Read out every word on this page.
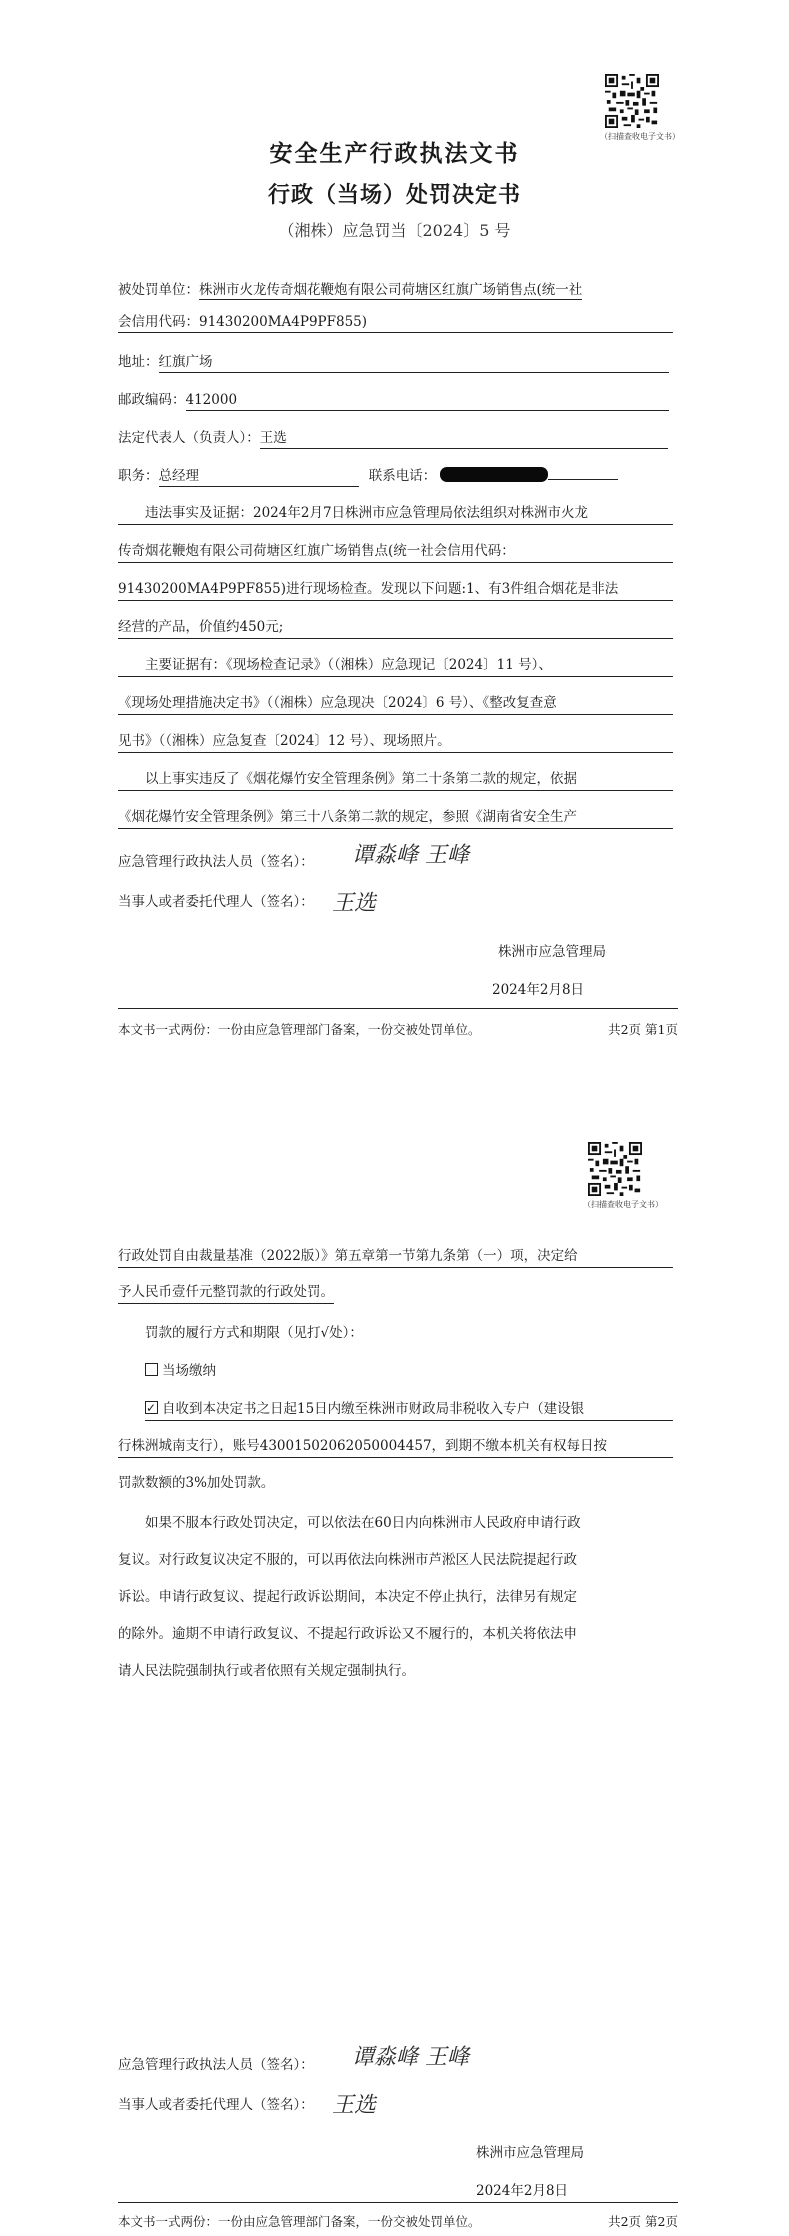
（扫描查收电子文书）
安全生产行政执法文书
行政（当场）处罚决定书
（湘株）应急罚当〔2024〕5 号
被处罚单位：株洲市火龙传奇烟花鞭炮有限公司荷塘区红旗广场销售点(统一社
会信用代码：91430200MA4P9PF855)
地址：红旗广场
邮政编码：412000
法定代表人（负责人）：王选
职务：总经理	联系电话：
违法事实及证据：2024年2月7日株洲市应急管理局依法组织对株洲市火龙
传奇烟花鞭炮有限公司荷塘区红旗广场销售点(统一社会信用代码：
91430200MA4P9PF855)进行现场检查。发现以下问题:1、有3件组合烟花是非法
经营的产品，价值约450元;
主要证据有：《现场检查记录》（（湘株）应急现记〔2024〕11 号）、
《现场处理措施决定书》（（湘株）应急现决〔2024〕6 号）、《整改复查意
见书》（（湘株）应急复查〔2024〕12 号）、现场照片。
以上事实违反了《烟花爆竹安全管理条例》第二十条第二款的规定，依据
《烟花爆竹安全管理条例》第三十八条第二款的规定，参照《湖南省安全生产
应急管理行政执法人员（签名）： 谭淼峰 王峰
当事人或者委托代理人（签名）： 王选
株洲市应急管理局
2024年2月8日
本文书一式两份：一份由应急管理部门备案，一份交被处罚单位。	共2页 第1页
（扫描查收电子文书）
行政处罚自由裁量基准（2022版）》第五章第一节第九条第（一）项，决定给
予人民币壹仟元整罚款的行政处罚。
罚款的履行方式和期限（见打√处）：
当场缴纳
✓自收到本决定书之日起15日内缴至株洲市财政局非税收入专户（建设银
行株洲城南支行），账号43001502062050004457，到期不缴本机关有权每日按
罚款数额的3%加处罚款。
如果不服本行政处罚决定，可以依法在60日内向株洲市人民政府申请行政
复议。对行政复议决定不服的，可以再依法向株洲市芦淞区人民法院提起行政
诉讼。申请行政复议、提起行政诉讼期间，本决定不停止执行，法律另有规定
的除外。逾期不申请行政复议、不提起行政诉讼又不履行的，本机关将依法申
请人民法院强制执行或者依照有关规定强制执行。
应急管理行政执法人员（签名）： 谭淼峰 王峰
当事人或者委托代理人（签名）： 王选
株洲市应急管理局
2024年2月8日
本文书一式两份：一份由应急管理部门备案，一份交被处罚单位。	共2页 第2页
